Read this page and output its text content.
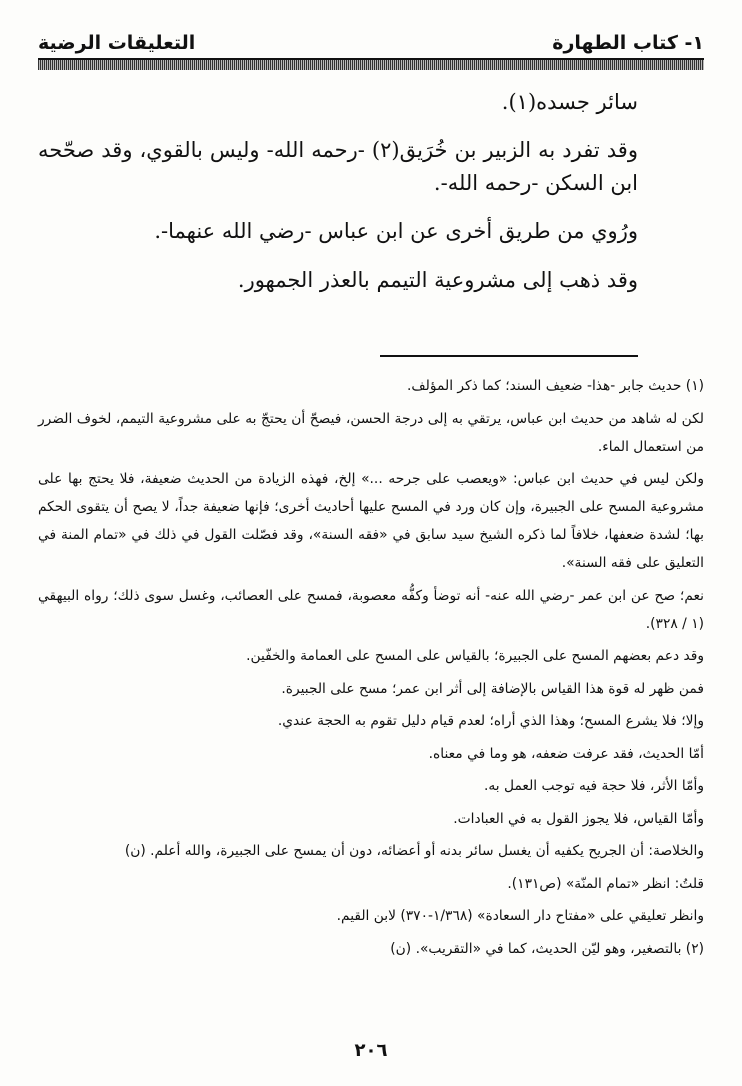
التعليقات الرضية	١- كتاب الطهارة

سائر جسده(١).

وقد تفرد به الزبير بن خُرَيق(٢) -رحمه الله- وليس بالقوي، وقد صحّحه ابن السكن -رحمه الله-.

ورُوي من طريق أخرى عن ابن عباس -رضي الله عنهما-.

وقد ذهب إلى مشروعية التيمم بالعذر الجمهور.

(١) حديث جابر -هذا- ضعيف السند؛ كما ذكر المؤلف.

لكن له شاهد من حديث ابن عباس، يرتقي به إلى درجة الحسن، فيصحّ أن يحتجّ به على مشروعية التيمم، لخوف الضرر من استعمال الماء.

ولكن ليس في حديث ابن عباس: «ويعصب على جرحه ...» إلخ، فهذه الزيادة من الحديث ضعيفة، فلا يحتج بها على مشروعية المسح على الجبيرة، وإن كان ورد في المسح عليها أحاديث أخرى؛ فإنها ضعيفة جداً، لا يصح أن يتقوى الحكم بها؛ لشدة ضعفها، خلافاً لما ذكره الشيخ سيد سابق في «فقه السنة»، وقد فصّلت القول في ذلك في «تمام المنة في التعليق على فقه السنة».

نعم؛ صح عن ابن عمر -رضي الله عنه- أنه توضأ وكفُّه معصوبة، فمسح على العصائب، وغسل سوى ذلك؛ رواه البيهقي (١ / ٣٢٨).

وقد دعم بعضهم المسح على الجبيرة؛ بالقياس على المسح على العمامة والخفّين.

فمن ظهر له قوة هذا القياس بالإضافة إلى أثر ابن عمر؛ مسح على الجبيرة.

وإلا؛ فلا يشرع المسح؛ وهذا الذي أراه؛ لعدم قيام دليل تقوم به الحجة عندي.

أمّا الحديث، فقد عرفت ضعفه، هو وما في معناه.

وأمّا الأثر، فلا حجة فيه توجب العمل به.

وأمّا القياس، فلا يجوز القول به في العبادات.

والخلاصة: أن الجريح يكفيه أن يغسل سائر بدنه أو أعضائه، دون أن يمسح على الجبيرة، والله أعلم. (ن)

قلتُ: انظر «تمام المنّة» (ص١٣١).

وانظر تعليقي على «مفتاح دار السعادة» (١/٣٦٨-٣٧٠) لابن القيم.

(٢) بالتصغير، وهو ليّن الحديث، كما في «التقريب». (ن)

٢٠٦
